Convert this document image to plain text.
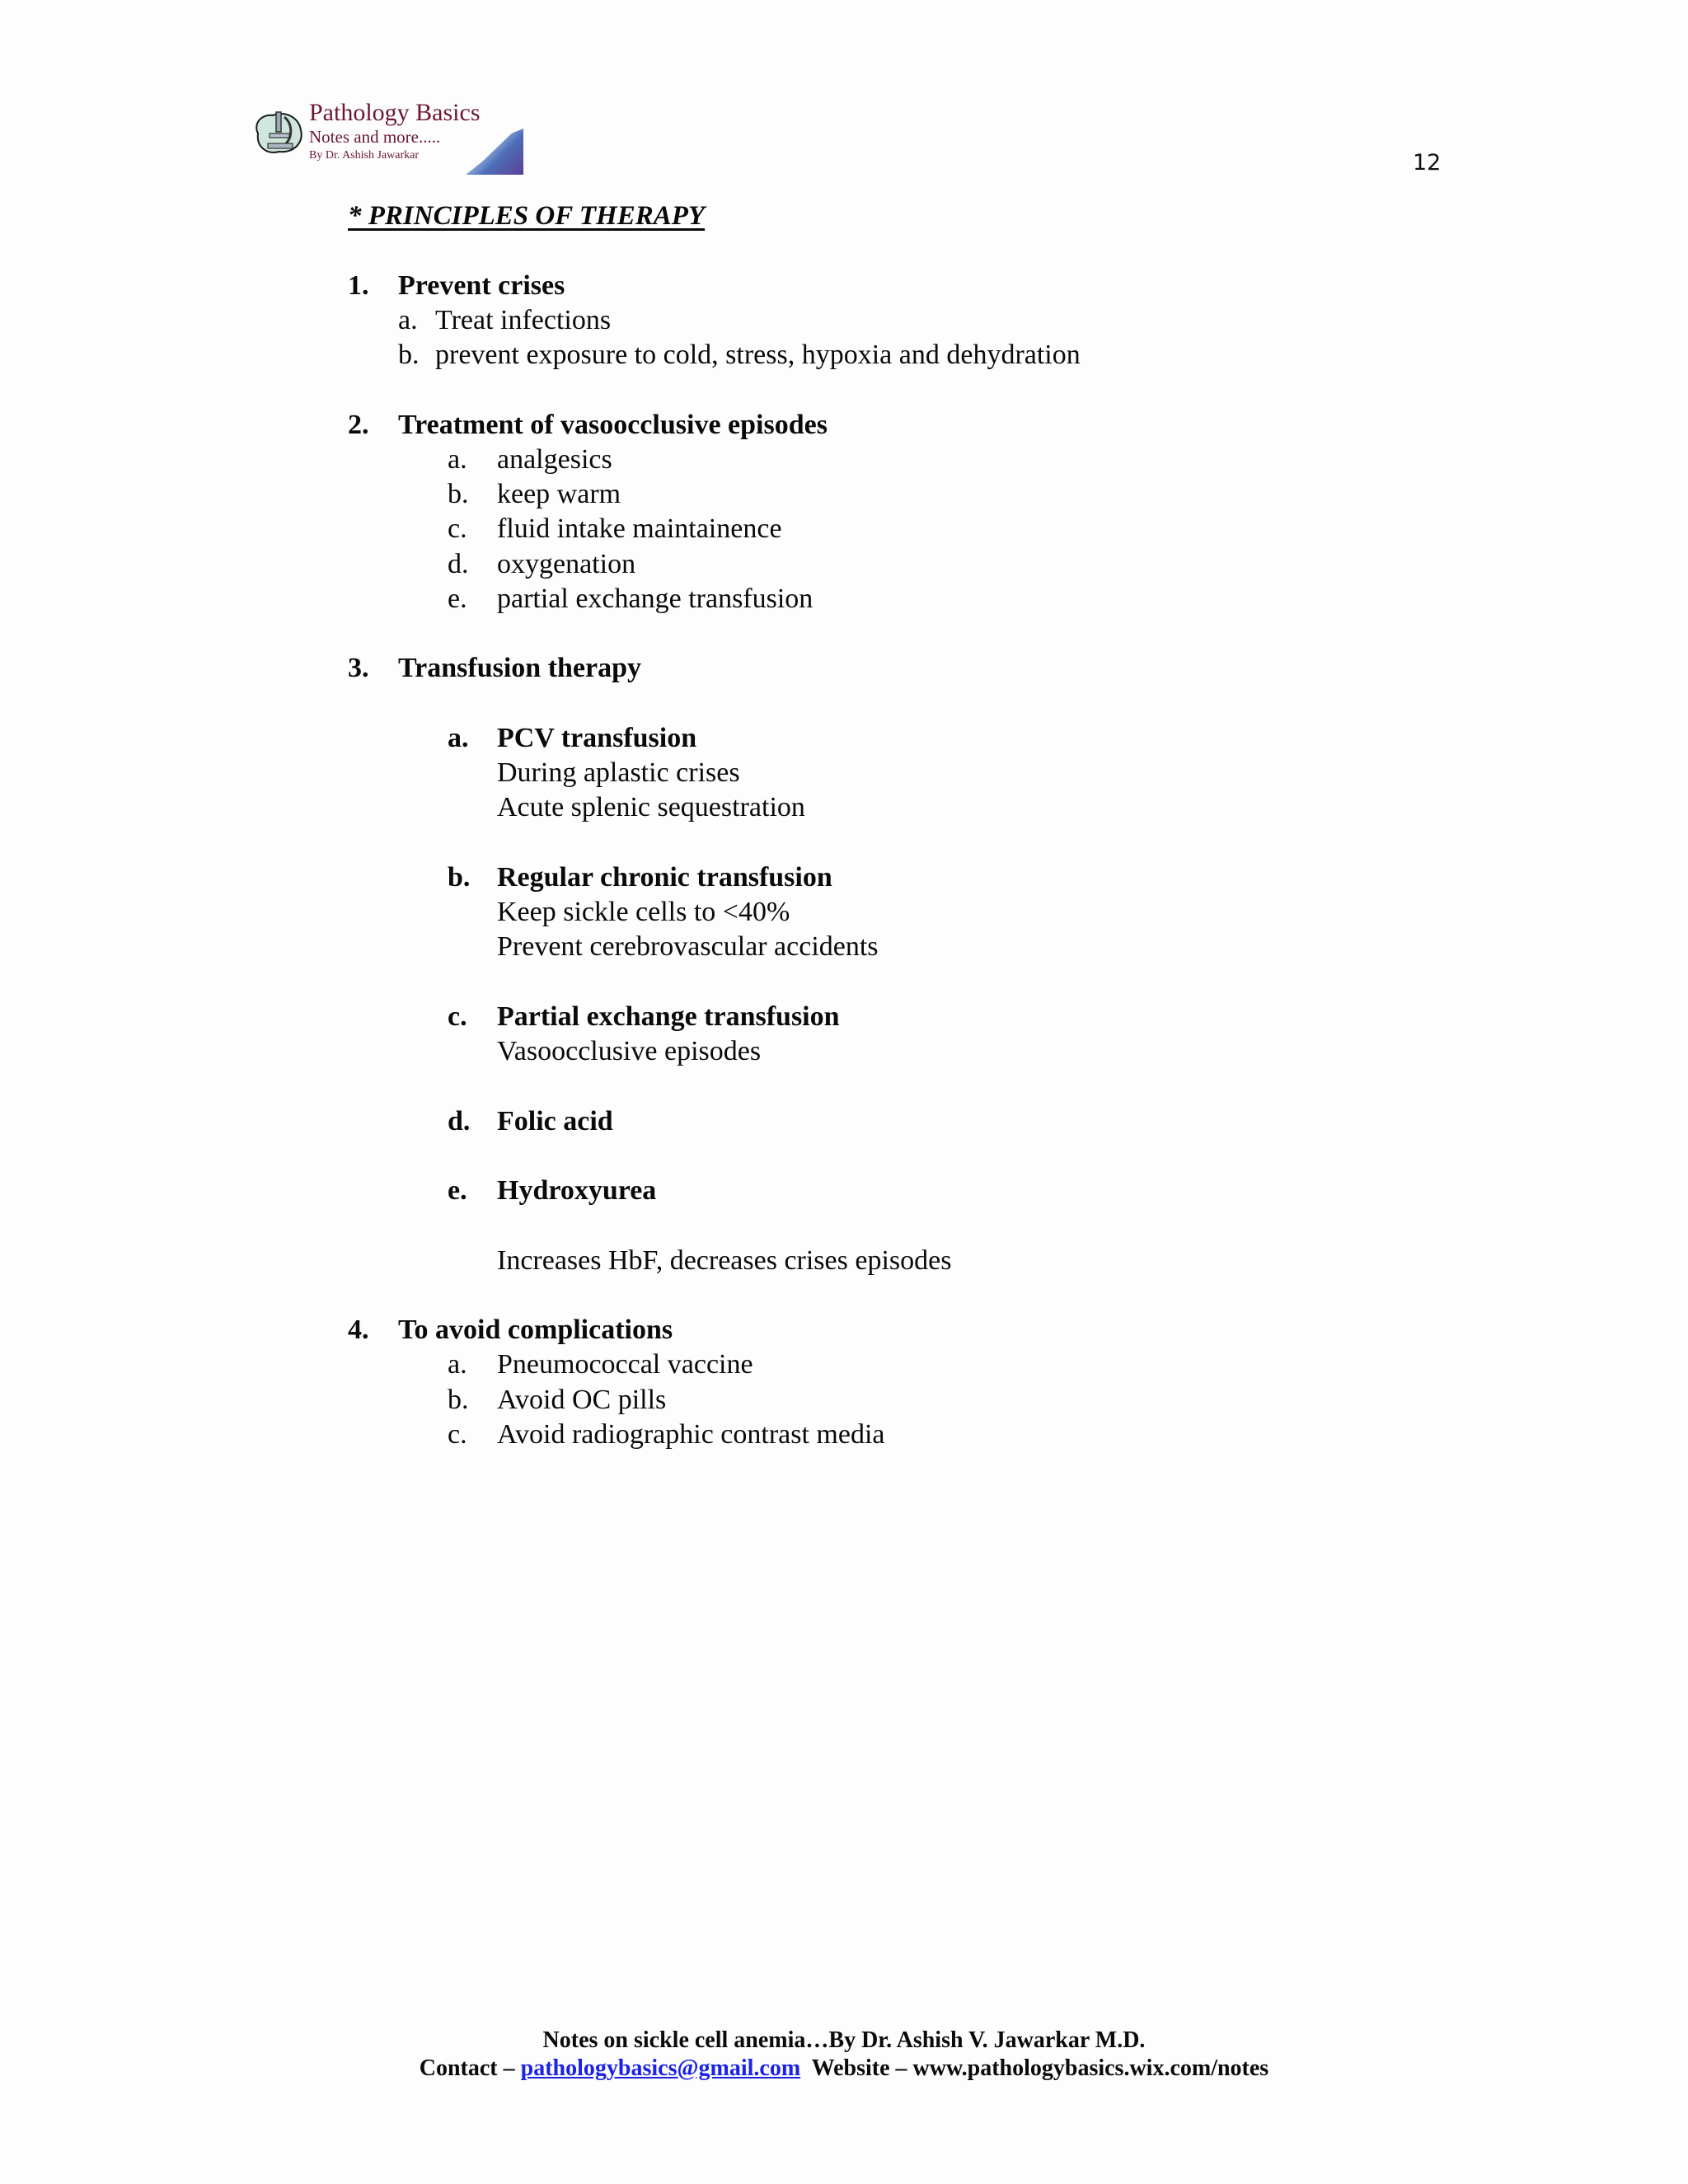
Pathology Basics
Notes and more.....
By Dr. Ashish Jawarkar	12
* PRINCIPLES OF THERAPY
1. Prevent crises
a. Treat infections
b. prevent exposure to cold, stress, hypoxia and dehydration
2. Treatment of vasoocclusive episodes
a. analgesics
b. keep warm
c. fluid intake maintainence
d. oxygenation
e. partial exchange transfusion
3. Transfusion therapy
a. PCV transfusion
During aplastic crises
Acute splenic sequestration
b. Regular chronic transfusion
Keep sickle cells to <40%
Prevent cerebrovascular accidents
c. Partial exchange transfusion
Vasoocclusive episodes
d. Folic acid
e. Hydroxyurea
Increases HbF, decreases crises episodes
4. To avoid complications
a. Pneumococcal vaccine
b. Avoid OC pills
c. Avoid radiographic contrast media
Notes on sickle cell anemia…By Dr. Ashish V. Jawarkar M.D.
Contact – pathologybasics@gmail.com  Website – www.pathologybasics.wix.com/notes
